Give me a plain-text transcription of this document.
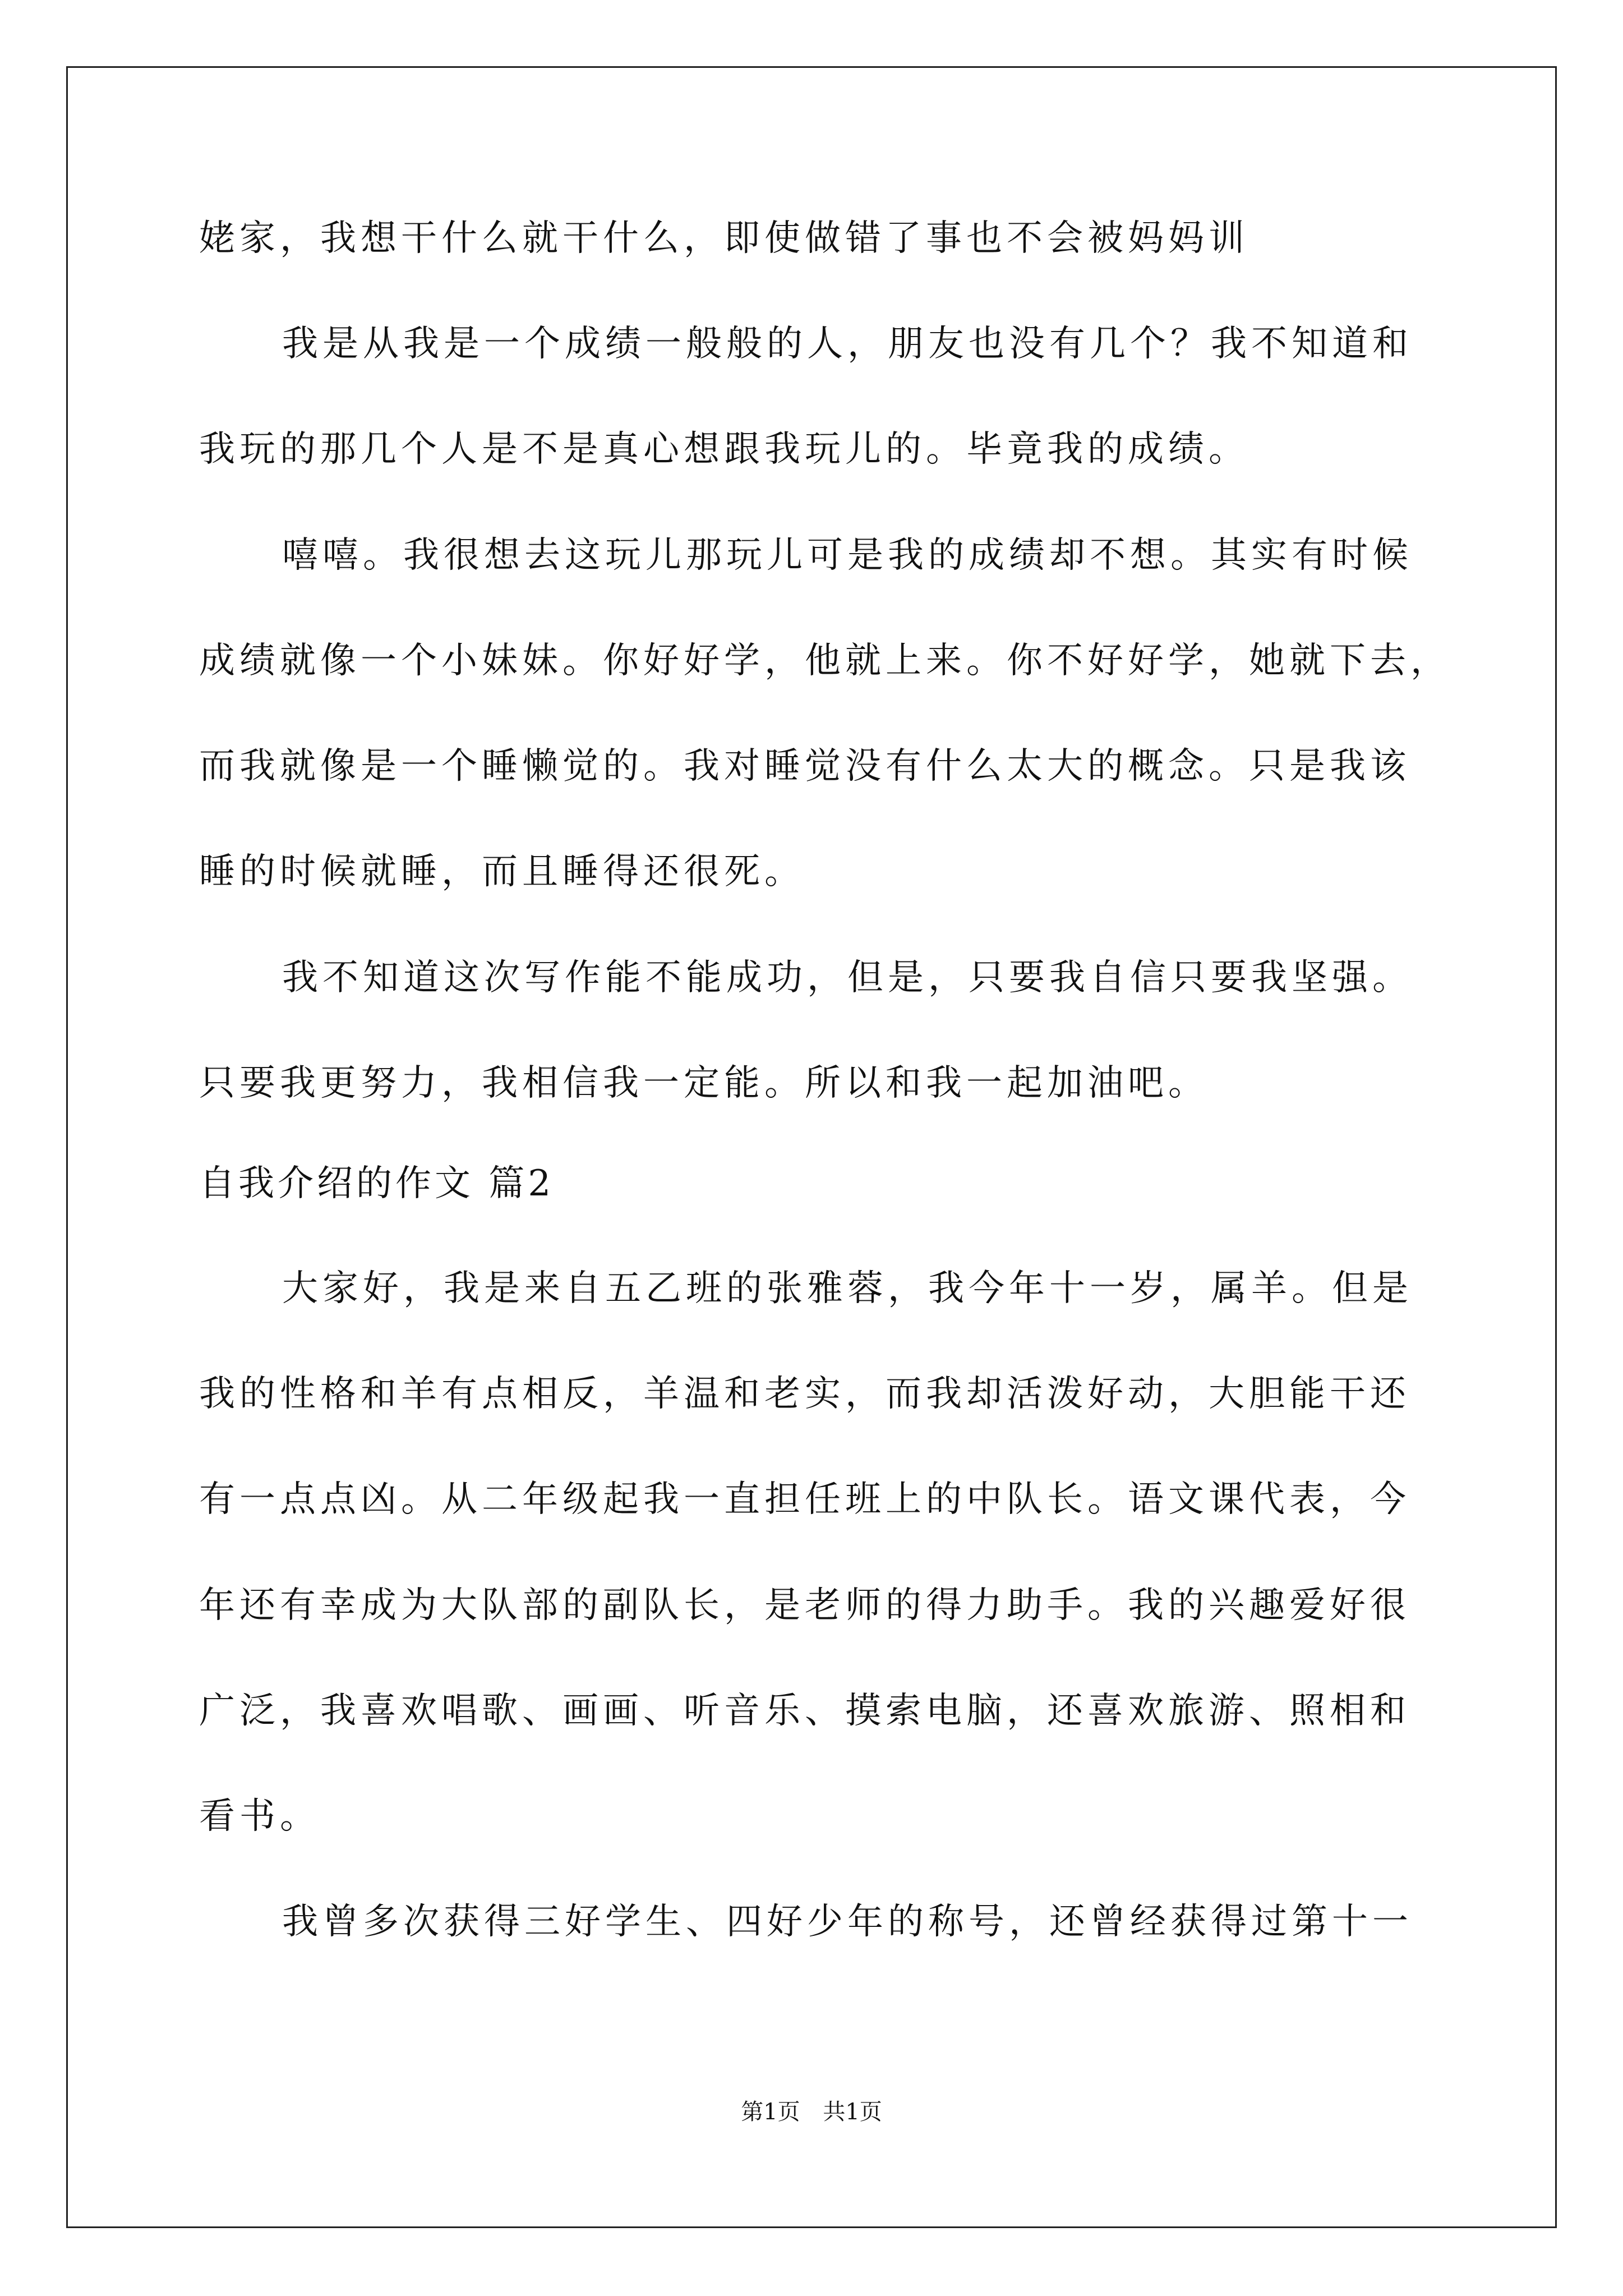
姥家，我想干什么就干什么，即使做错了事也不会被妈妈训
我是从我是一个成绩一般般的人，朋友也没有几个？我不知道和
我玩的那几个人是不是真心想跟我玩儿的。毕竟我的成绩。
嘻嘻。我很想去这玩儿那玩儿可是我的成绩却不想。其实有时候
成绩就像一个小妹妹。你好好学，他就上来。你不好好学，她就下去，
而我就像是一个睡懒觉的。我对睡觉没有什么太大的概念。只是我该
睡的时候就睡，而且睡得还很死。
我不知道这次写作能不能成功，但是，只要我自信只要我坚强。
只要我更努力，我相信我一定能。所以和我一起加油吧。
自我介绍的作文 篇2
大家好，我是来自五乙班的张雅蓉，我今年十一岁，属羊。但是
我的性格和羊有点相反，羊温和老实，而我却活泼好动，大胆能干还
有一点点凶。从二年级起我一直担任班上的中队长。语文课代表，今
年还有幸成为大队部的副队长，是老师的得力助手。我的兴趣爱好很
广泛，我喜欢唱歌、画画、听音乐、摸索电脑，还喜欢旅游、照相和
看书。
我曾多次获得三好学生、四好少年的称号，还曾经获得过第十一
第1页 共1页
